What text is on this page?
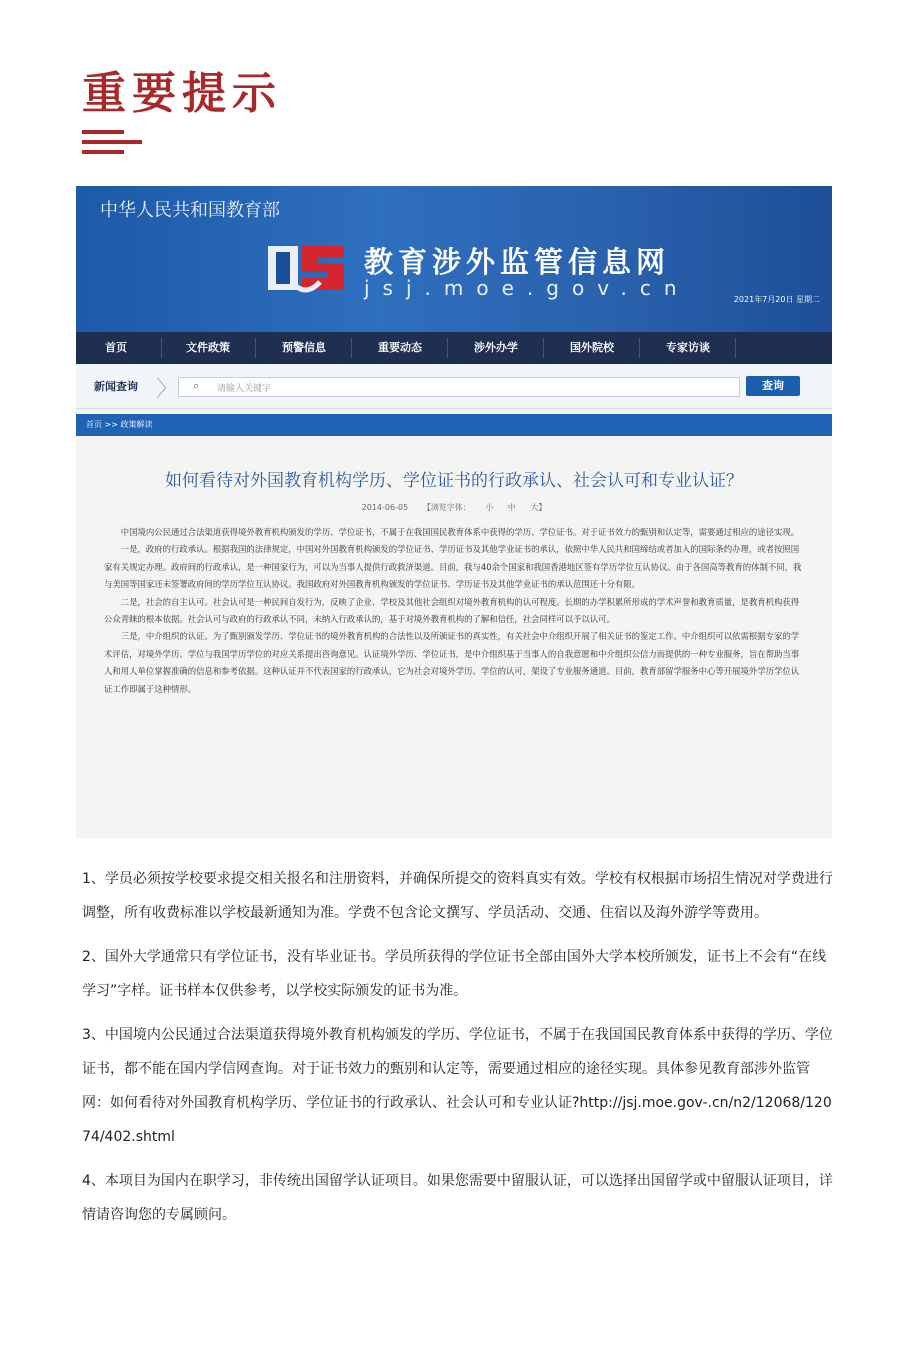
重要提示
中华人民共和国教育部
教育涉外监管信息网
jsj.moe.gov.cn	2021年7月20日 星期二
首页	文件政策	预警信息	重要动态	涉外办学	国外院校	专家访谈
新闻查询 〉 ⌕ 请输入关键字	查询
首页 >> 政策解读
如何看待对外国教育机构学历、学位证书的行政承认、社会认可和专业认证？
2014-06-05 【浏览字体： 小 中 大】

中国境内公民通过合法渠道获得境外教育机构颁发的学历、学位证书，不属于在我国国民教育体系中获得的学历、学位证书。对于证书效力的甄别和认定等，需要通过相应的途径实现。

一是，政府的行政承认。根据我国的法律规定，中国对外国教育机构颁发的学位证书、学历证书及其他学业证书的承认，依照中华人民共和国缔结或者加入的国际条约办理，或者按照国家有关规定办理。政府间的行政承认，是一种国家行为，可以为当事人提供行政救济渠道。目前，我与40余个国家和我国香港地区签有学历学位互认协议。由于各国高等教育的体制不同，我与美国等国家还未签署政府间的学历学位互认协议。我国政府对外国教育机构颁发的学位证书、学历证书及其他学业证书的承认范围还十分有限。

二是，社会的自主认可。社会认可是一种民间自发行为，反映了企业、学校及其他社会组织对境外教育机构的认可程度。长期的办学积累所形成的学术声誉和教育质量，是教育机构获得公众青睐的根本依据。社会认可与政府的行政承认不同，未纳入行政承认的，基于对境外教育机构的了解和信任，社会同样可以予以认可。

三是，中介组织的认证。为了甄别颁发学历、学位证书的境外教育机构的合法性以及所颁证书的真实性，有关社会中介组织开展了相关证书的鉴定工作。中介组织可以依需根据专家的学术评估，对境外学历、学位与我国学历学位的对应关系提出咨询意见。认证境外学历、学位证书，是中介组织基于当事人的自我意愿和中介组织公信力而提供的一种专业服务，旨在帮助当事人和用人单位掌握准确的信息和参考依据。这种认证并不代表国家的行政承认，它为社会对境外学历、学位的认可，架设了专业服务通道。目前，教育部留学服务中心等开展境外学历学位认证工作即属于这种情形。

1、学员必须按学校要求提交相关报名和注册资料，并确保所提交的资料真实有效。学校有权根据市场招生情况对学费进行调整，所有收费标准以学校最新通知为准。学费不包含论文撰写、学员活动、交通、住宿以及海外游学等费用。

2、国外大学通常只有学位证书，没有毕业证书。学员所获得的学位证书全部由国外大学本校所颁发，证书上不会有“在线学习”字样。证书样本仅供参考，以学校实际颁发的证书为准。

3、中国境内公民通过合法渠道获得境外教育机构颁发的学历、学位证书，不属于在我国国民教育体系中获得的学历、学位证书，都不能在国内学信网查询。对于证书效力的甄别和认定等，需要通过相应的途径实现。具体参见教育部涉外监管网：如何看待对外国教育机构学历、学位证书的行政承认、社会认可和专业认证?http://jsj.moe.gov-.cn/n2/12068/12074/402.shtml

4、本项目为国内在职学习，非传统出国留学认证项目。如果您需要中留服认证，可以选择出国留学或中留服认证项目，详情请咨询您的专属顾问。
